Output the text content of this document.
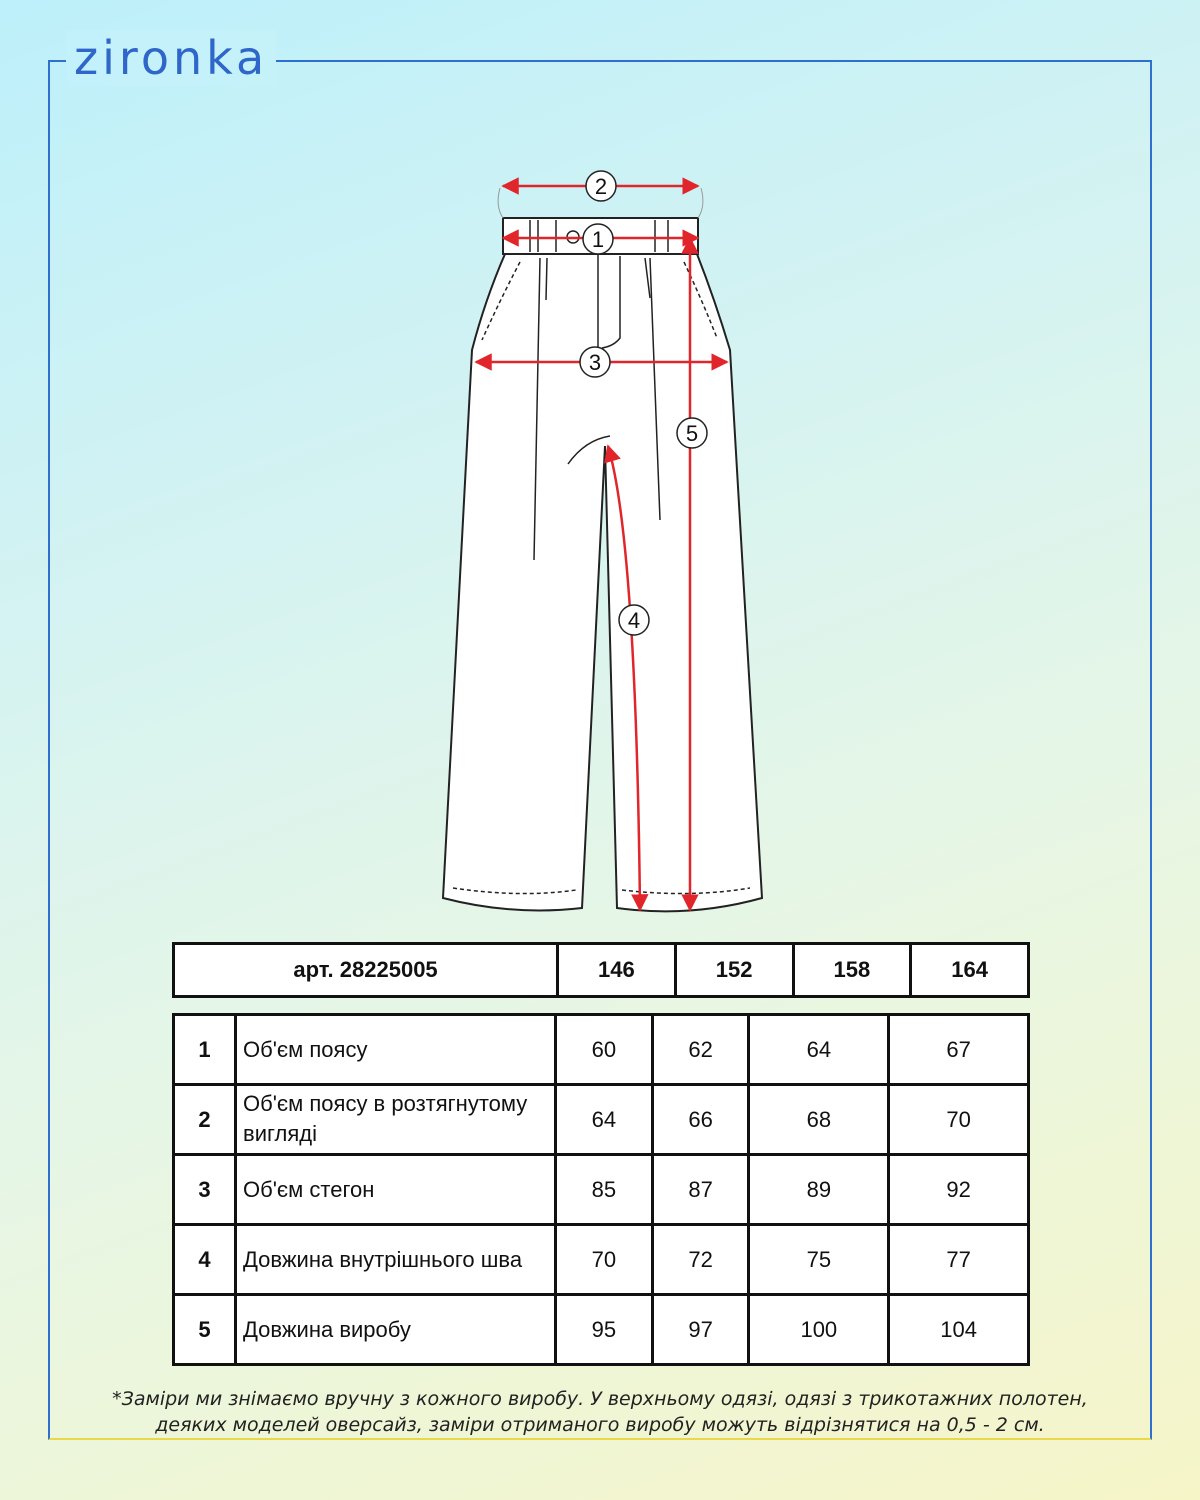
zironka
2
1
3
4
5
арт. 28225005	146	152	158	164
1	Об'єм поясу	60	62	64	67
2	Об'єм поясу в розтягнутому вигляді	64	66	68	70
3	Об'єм стегон	85	87	89	92
4	Довжина внутрішнього шва	70	72	75	77
5	Довжина виробу	95	97	100	104
*Заміри ми знімаємо вручну з кожного виробу. У верхньому одязі, одязі з трикотажних полотен,
деяких моделей оверсайз, заміри отриманого виробу можуть відрізнятися на 0,5 - 2 см.
